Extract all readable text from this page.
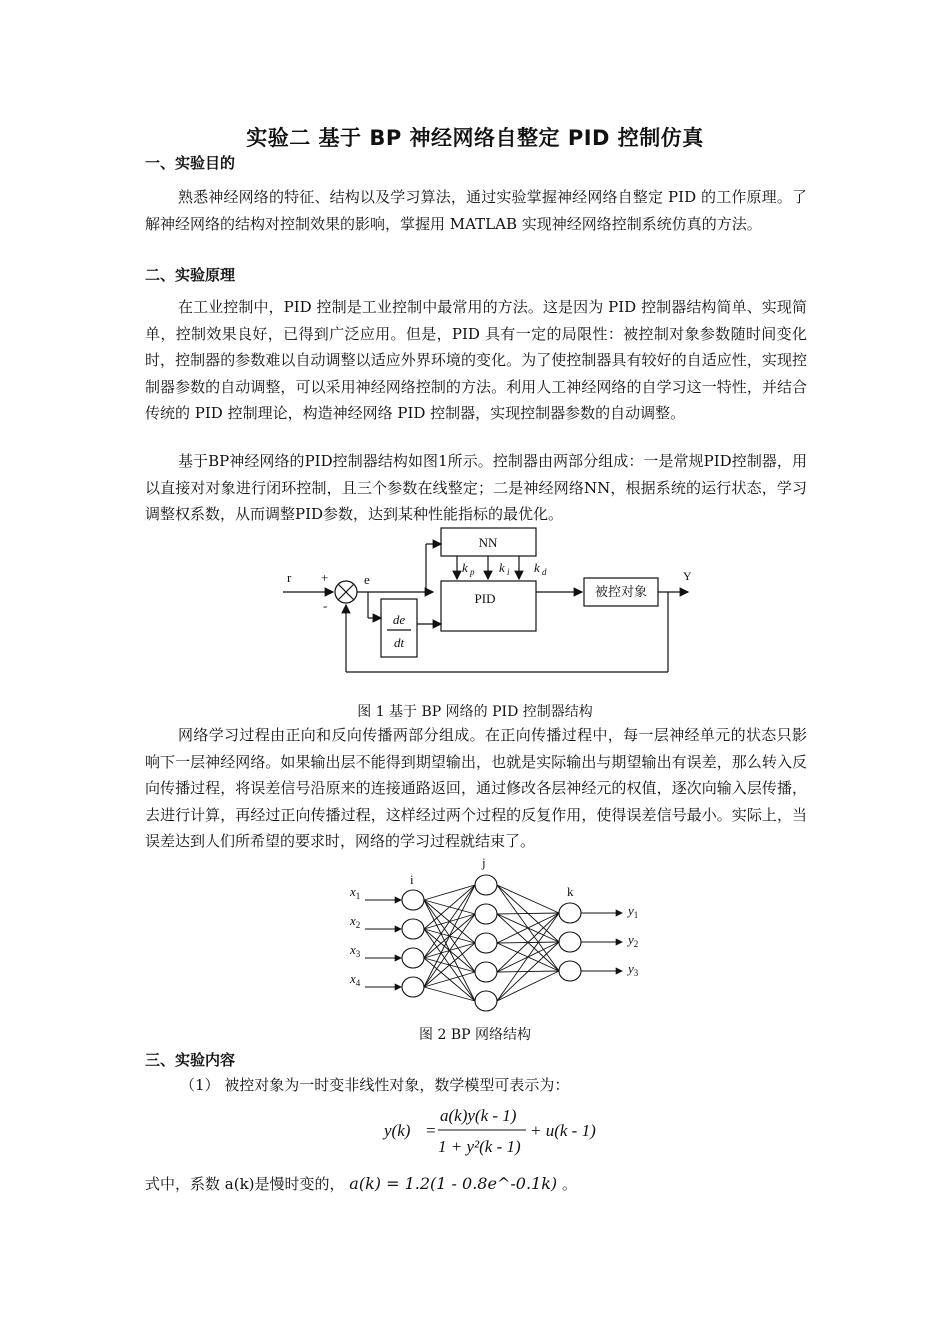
实验二 基于 BP 神经网络自整定 PID 控制仿真
一、实验目的
熟悉神经网络的特征、结构以及学习算法，通过实验掌握神经网络自整定 PID 的工作原理。了解神经网络的结构对控制效果的影响，掌握用 MATLAB 实现神经网络控制系统仿真的方法。
二、实验原理
在工业控制中，PID 控制是工业控制中最常用的方法。这是因为 PID 控制器结构简单、实现简单，控制效果良好，已得到广泛应用。但是，PID 具有一定的局限性：被控制对象参数随时间变化时，控制器的参数难以自动调整以适应外界环境的变化。为了使控制器具有较好的自适应性，实现控制器参数的自动调整，可以采用神经网络控制的方法。利用人工神经网络的自学习这一特性，并结合传统的 PID 控制理论，构造神经网络 PID 控制器，实现控制器参数的自动调整。
基于BP神经网络的PID控制器结构如图1所示。控制器由两部分组成：一是常规PID控制器，用以直接对对象进行闭环控制，且三个参数在线整定；二是神经网络NN，根据系统的运行状态，学习调整权系数，从而调整PID参数，达到某种性能指标的最优化。
r +
-
e
NN
PID	被控对象
Y
k p k i k d
de
dt
图 1 基于 BP 网络的 PID 控制器结构
网络学习过程由正向和反向传播两部分组成。在正向传播过程中，每一层神经单元的状态只影响下一层神经网络。如果输出层不能得到期望输出，也就是实际输出与期望输出有误差，那么转入反向传播过程，将误差信号沿原来的连接通路返回，通过修改各层神经元的权值，逐次向输入层传播，去进行计算，再经过正向传播过程，这样经过两个过程的反复作用，使得误差信号最小。实际上，当误差达到人们所希望的要求时，网络的学习过程就结束了。
i
j
k
$x_1$
$x_2$
$x_3$
$x_4$
$y_1$
$y_2$
$y_3$
图 2 BP 网络结构
三、实验内容
（1） 被控对象为一时变非线性对象，数学模型可表示为：
y(k) =
a(k)y(k - 1)
1 + y²(k - 1)
+ u(k - 1)
式中，系数 a(k)是慢时变的， a(k) = 1.2(1 - 0.8e^-0.1k) 。
